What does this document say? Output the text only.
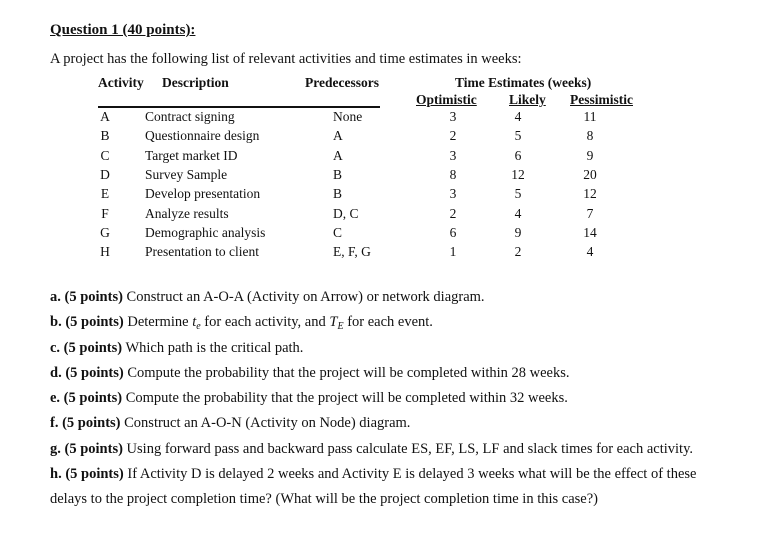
Question 1 (40 points):
A project has the following list of relevant activities and time estimates in weeks:
Activity Description	Predecessors	Time Estimates (weeks)
Optimistic Likely Pessimistic
A	Contract signing	None	3	4	11
B	Questionnaire design	A	2	5	8
C	Target market ID	A	3	6	9
D	Survey Sample	B	8	12	20
E	Develop presentation	B	3	5	12
F	Analyze results	D, C	2	4	7
G	Demographic analysis	C	6	9	14
H	Presentation to client	E, F, G	1	2	4
a. (5 points) Construct an A-O-A (Activity on Arrow) or network diagram.
b. (5 points) Determine $t_e$ for each activity, and $T_E$ for each event.
c. (5 points) Which path is the critical path.
d. (5 points) Compute the probability that the project will be completed within 28 weeks.
e. (5 points) Compute the probability that the project will be completed within 32 weeks.
f. (5 points) Construct an A-O-N (Activity on Node) diagram.
g. (5 points) Using forward pass and backward pass calculate ES, EF, LS, LF and slack times for each activity.
h. (5 points) If Activity D is delayed 2 weeks and Activity E is delayed 3 weeks what will be the effect of these
delays to the project completion time? (What will be the project completion time in this case?)
